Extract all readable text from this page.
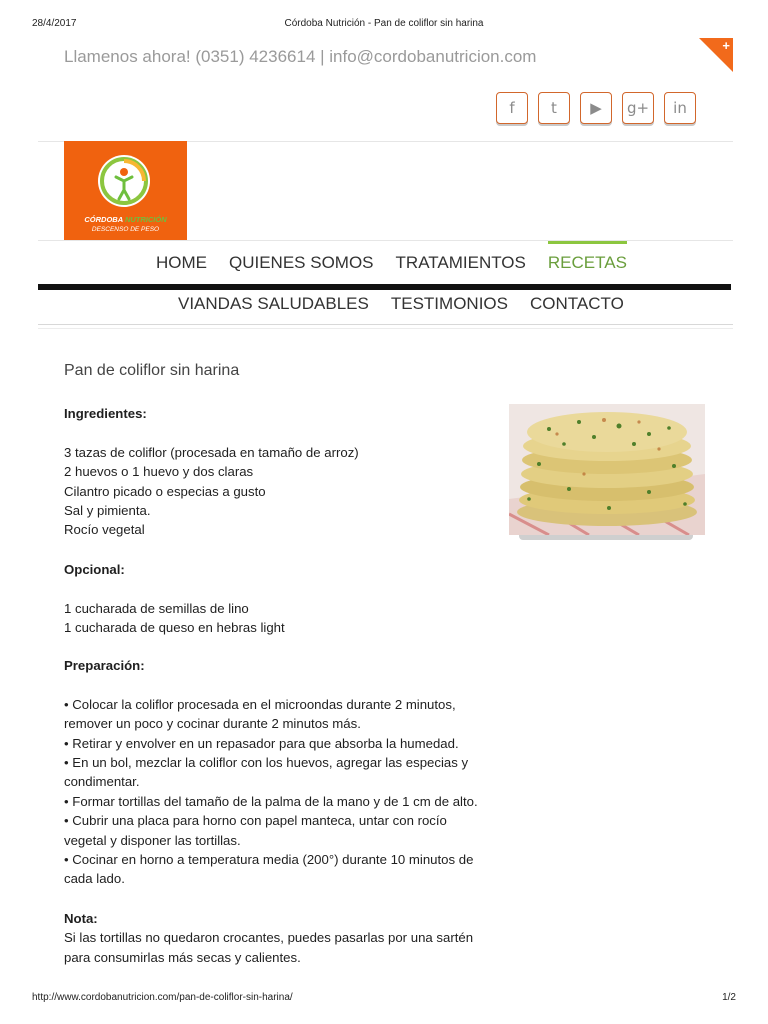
28/4/2017	Córdoba Nutrición - Pan de coliflor sin harina
Llamenos ahora! (0351) 4236614 | info@cordobanutricion.com
+
f	t	▶	g+	in
CÓRDOBA NUTRICIÓN
DESCENSO DE PESO
HOME QUIENES SOMOS TRATAMIENTOS RECETAS
VIANDAS SALUDABLES TESTIMONIOS CONTACTO
Pan de coliflor sin harina
Ingredientes:
3 tazas de coliflor (procesada en tamaño de arroz)
2 huevos o 1 huevo y dos claras
Cilantro picado o especias a gusto
Sal y pimienta.
Rocío vegetal
Opcional:
1 cucharada de semillas de lino
1 cucharada de queso en hebras light
Preparación:
• Colocar la coliflor procesada en el microondas durante 2 minutos, remover un poco y cocinar durante 2 minutos más.
• Retirar y envolver en un repasador para que absorba la humedad.
• En un bol, mezclar la coliflor con los huevos, agregar las especias y condimentar.
• Formar tortillas del tamaño de la palma de la mano y de 1 cm de alto.
• Cubrir una placa para horno con papel manteca, untar con rocío vegetal y disponer las tortillas.
• Cocinar en horno a temperatura media (200°) durante 10 minutos de cada lado.
Nota:
Si las tortillas no quedaron crocantes, puedes pasarlas por una sartén para consumirlas más secas y calientes.
http://www.cordobanutricion.com/pan-de-coliflor-sin-harina/	1/2
